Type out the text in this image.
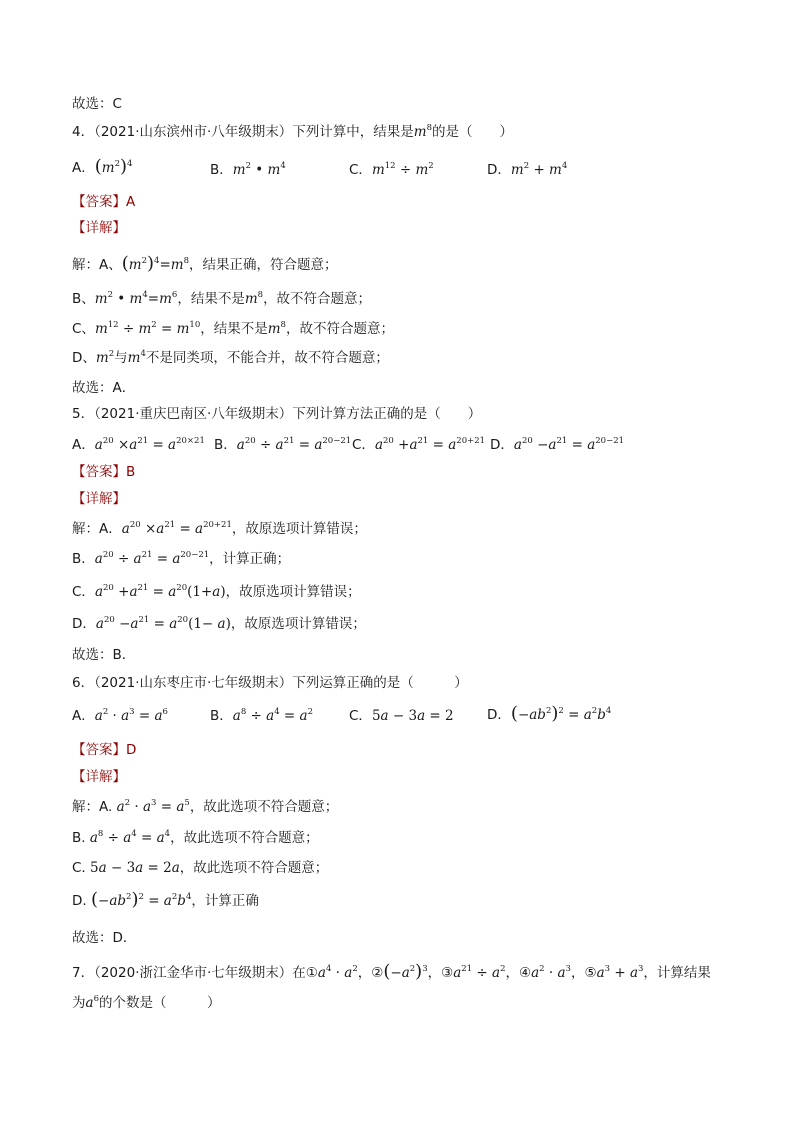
故选：C
4．（2021·山东滨州市·八年级期末）下列计算中，结果是$m^8$的是（　　）
A．$(m^2)^4$	B．$m^2$ • $m^4$	C．$m^{12} \div m^2$	D．$m^2 + m^4$
【答案】A
【详解】
解：A、$(m^2)^4=m^8$，结果正确，符合题意；
B、$m^2$ • $m^4=m^6$，结果不是$m^8$，故不符合题意；
C、$m^{12} \div m^2 = m^{10}$，结果不是$m^8$，故不符合题意；
D、$m^2$与$m^4$不是同类项，不能合并，故不符合题意；
故选：A．
5．（2021·重庆巴南区·八年级期末）下列计算方法正确的是（　　）
A．$a^{20} \times a^{21} = a^{20\times 21}$ B．$a^{20} \div a^{21} = a^{20-21}$ C．$a^{20} +a^{21} = a^{20+21}$ D．$a^{20} -a^{21} = a^{20-21}$
【答案】B
【详解】
解：A．$a^{20} \times a^{21} = a^{20+21}$，故原选项计算错误；
B．$a^{20} \div a^{21} = a^{20-21}$，计算正确；
C．$a^{20} +a^{21} = a^{20}(1+a)$，故原选项计算错误；
D．$a^{20} -a^{21} = a^{20}(1- a)$，故原选项计算错误；
故选：B．
6．（2021·山东枣庄市·七年级期末）下列运算正确的是（　　　）
A．$a^2 \cdot a^3 = a^6$	B．$a^8 \div a^4 = a^2$	C．5a − 3a = 2 D．$(-ab^2)^2 = a^2b^4$
【答案】D
【详解】
解：A. $a^2 \cdot a^3 = a^5$，故此选项不符合题意；
B. $a^8 \div a^4 = a^4$，故此选项不符合题意；
C. 5a − 3a = 2a，故此选项不符合题意；
D. $(-ab^2)^2 = a^2b^4$，计算正确
故选：D．
7．（2020·浙江金华市·七年级期末）在$①a^4 \cdot a^2$，$②(-a^2)^3$，$③a^{21} \div a^2$，$④a^2 \cdot a^3$，$⑤a^3 + a^3$，计算结果
为$a^6$的个数是（　　　）
